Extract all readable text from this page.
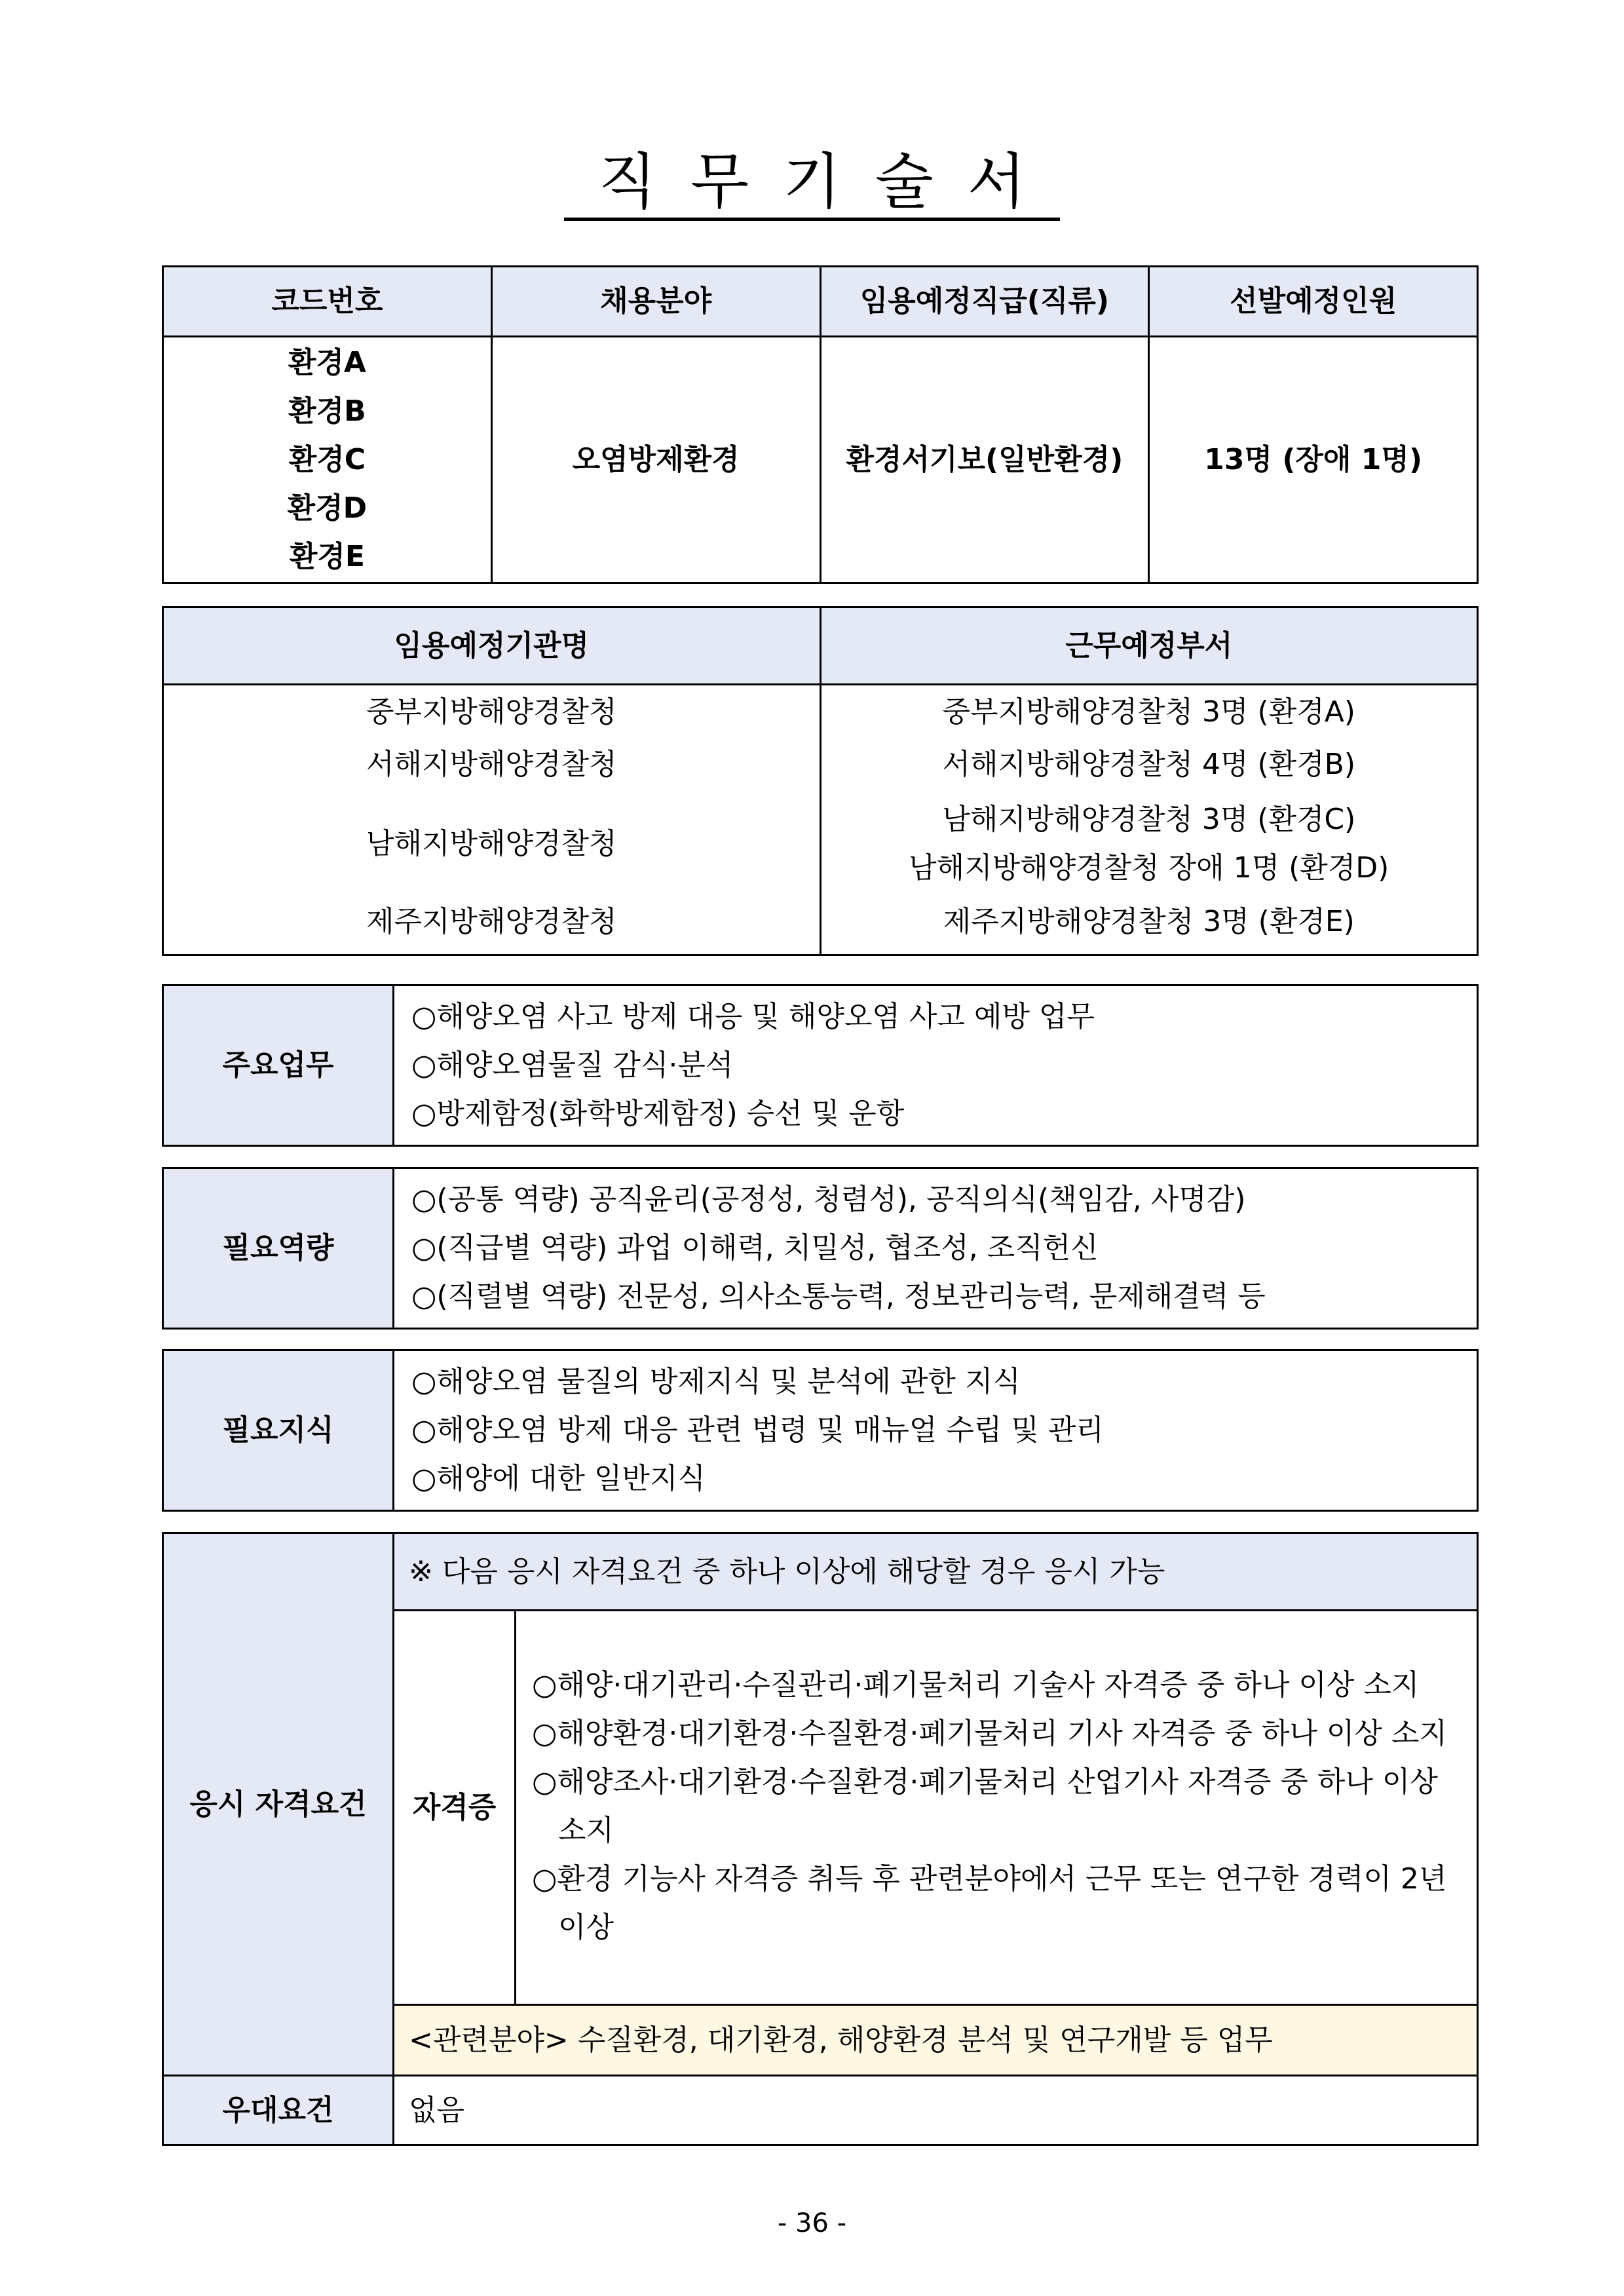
직무기술서
코드번호	채용분야	임용예정직급(직류)	선발예정인원

환경A
환경B
환경C
환경D
환경E	오염방제환경	환경서기보(일반환경)	13명 (장애 1명)
임용예정기관명	근무예정부서
중부지방해양경찰청	중부지방해양경찰청 3명 (환경A)
서해지방해양경찰청	서해지방해양경찰청 4명 (환경B)
남해지방해양경찰청	남해지방해양경찰청 3명 (환경C)
남해지방해양경찰청 장애 1명 (환경D)

제주지방해양경찰청	제주지방해양경찰청 3명 (환경E)
주요업무	
○해양오염 사고 방제 대응 및 해양오염 사고 예방 업무
○해양오염물질 감식·분석
○방제함정(화학방제함정) 승선 및 운항
필요역량	
○(공통 역량) 공직윤리(공정성, 청렴성), 공직의식(책임감, 사명감)
○(직급별 역량) 과업 이해력, 치밀성, 협조성, 조직헌신
○(직렬별 역량) 전문성, 의사소통능력, 정보관리능력, 문제해결력 등
필요지식	
○해양오염 물질의 방제지식 및 분석에 관한 지식
○해양오염 방제 대응 관련 법령 및 매뉴얼 수립 및 관리
○해양에 대한 일반지식
응시 자격요건	※ 다음 응시 자격요건 중 하나 이상에 해당할 경우 응시 가능	
	자격증	○해양·대기관리·수질관리·폐기물처리 기술사 자격증 중 하나 이상 소지
○해양환경·대기환경·수질환경·폐기물처리 기사 자격증 중 하나 이상 소지
○해양조사·대기환경·수질환경·폐기물처리 산업기사 자격증 중 하나 이상 소지
○환경 기능사 자격증 취득 후 관련분야에서 근무 또는 연구한 경력이 2년 이상

	<관련분야> 수질환경, 대기환경, 해양환경 분석 및 연구개발 등 업무	
우대요건	없음	
- 36 -
